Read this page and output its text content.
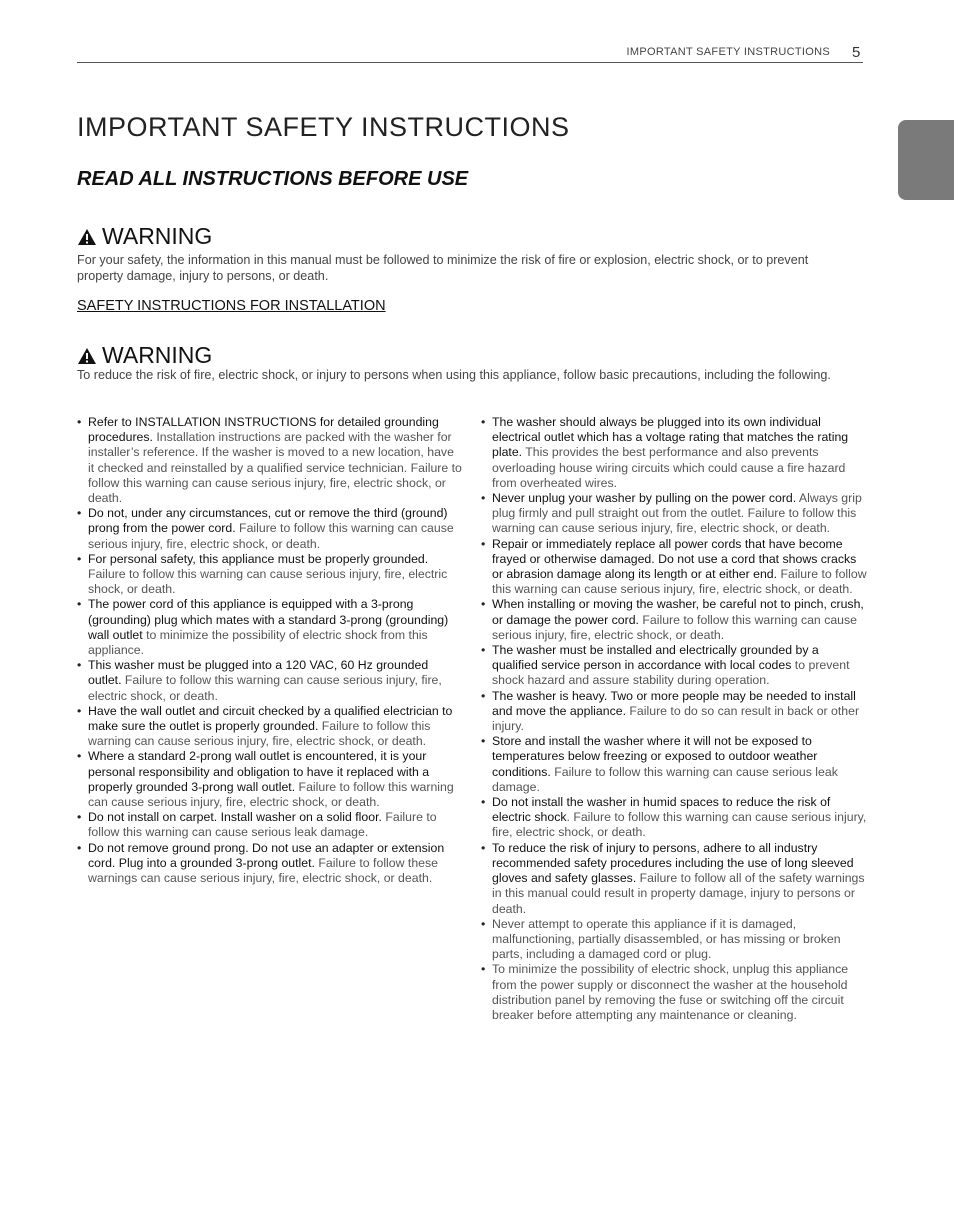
IMPORTANT SAFETY INSTRUCTIONS 5
ENGLISH
IMPORTANT SAFETY INSTRUCTIONS
READ ALL INSTRUCTIONS BEFORE USE
WARNING
For your safety, the information in this manual must be followed to minimize the risk of fire or explosion, electric shock, or to prevent property damage, injury to persons, or death.
SAFETY INSTRUCTIONS FOR INSTALLATION
WARNING
To reduce the risk of fire, electric shock, or injury to persons when using this appliance, follow basic precautions, including the following.
• Refer to INSTALLATION INSTRUCTIONS for detailed grounding procedures. Installation instructions are packed with the washer for installer’s reference. If the washer is moved to a new location, have it checked and reinstalled by a qualified service technician. Failure to follow this warning can cause serious injury, fire, electric shock, or death.
• Do not, under any circumstances, cut or remove the third (ground) prong from the power cord. Failure to follow this warning can cause serious injury, fire, electric shock, or death.
• For personal safety, this appliance must be properly grounded. Failure to follow this warning can cause serious injury, fire, electric shock, or death.
• The power cord of this appliance is equipped with a 3-prong (grounding) plug which mates with a standard 3-prong (grounding) wall outlet to minimize the possibility of electric shock from this appliance.
• This washer must be plugged into a 120 VAC, 60 Hz grounded outlet. Failure to follow this warning can cause serious injury, fire, electric shock, or death.
• Have the wall outlet and circuit checked by a qualified electrician to make sure the outlet is properly grounded. Failure to follow this warning can cause serious injury, fire, electric shock, or death.
• Where a standard 2-prong wall outlet is encountered, it is your personal responsibility and obligation to have it replaced with a properly grounded 3-prong wall outlet. Failure to follow this warning can cause serious injury, fire, electric shock, or death.
• Do not install on carpet. Install washer on a solid floor. Failure to follow this warning can cause serious leak damage.
• Do not remove ground prong. Do not use an adapter or extension cord. Plug into a grounded 3-prong outlet. Failure to follow these warnings can cause serious injury, fire, electric shock, or death.
• The washer should always be plugged into its own individual electrical outlet which has a voltage rating that matches the rating plate. This provides the best performance and also prevents overloading house wiring circuits which could cause a fire hazard from overheated wires.
• Never unplug your washer by pulling on the power cord. Always grip plug firmly and pull straight out from the outlet. Failure to follow this warning can cause serious injury, fire, electric shock, or death.
• Repair or immediately replace all power cords that have become frayed or otherwise damaged. Do not use a cord that shows cracks or abrasion damage along its length or at either end. Failure to follow this warning can cause serious injury, fire, electric shock, or death.
• When installing or moving the washer, be careful not to pinch, crush, or damage the power cord. Failure to follow this warning can cause serious injury, fire, electric shock, or death.
• The washer must be installed and electrically grounded by a qualified service person in accordance with local codes to prevent shock hazard and assure stability during operation.
• The washer is heavy. Two or more people may be needed to install and move the appliance. Failure to do so can result in back or other injury.
• Store and install the washer where it will not be exposed to temperatures below freezing or exposed to outdoor weather conditions. Failure to follow this warning can cause serious leak damage.
• Do not install the washer in humid spaces to reduce the risk of electric shock. Failure to follow this warning can cause serious injury, fire, electric shock, or death.
• To reduce the risk of injury to persons, adhere to all industry recommended safety procedures including the use of long sleeved gloves and safety glasses. Failure to follow all of the safety warnings in this manual could result in property damage, injury to persons or death.
• Never attempt to operate this appliance if it is damaged, malfunctioning, partially disassembled, or has missing or broken parts, including a damaged cord or plug.
• To minimize the possibility of electric shock, unplug this appliance from the power supply or disconnect the washer at the household distribution panel by removing the fuse or switching off the circuit breaker before attempting any maintenance or cleaning.
